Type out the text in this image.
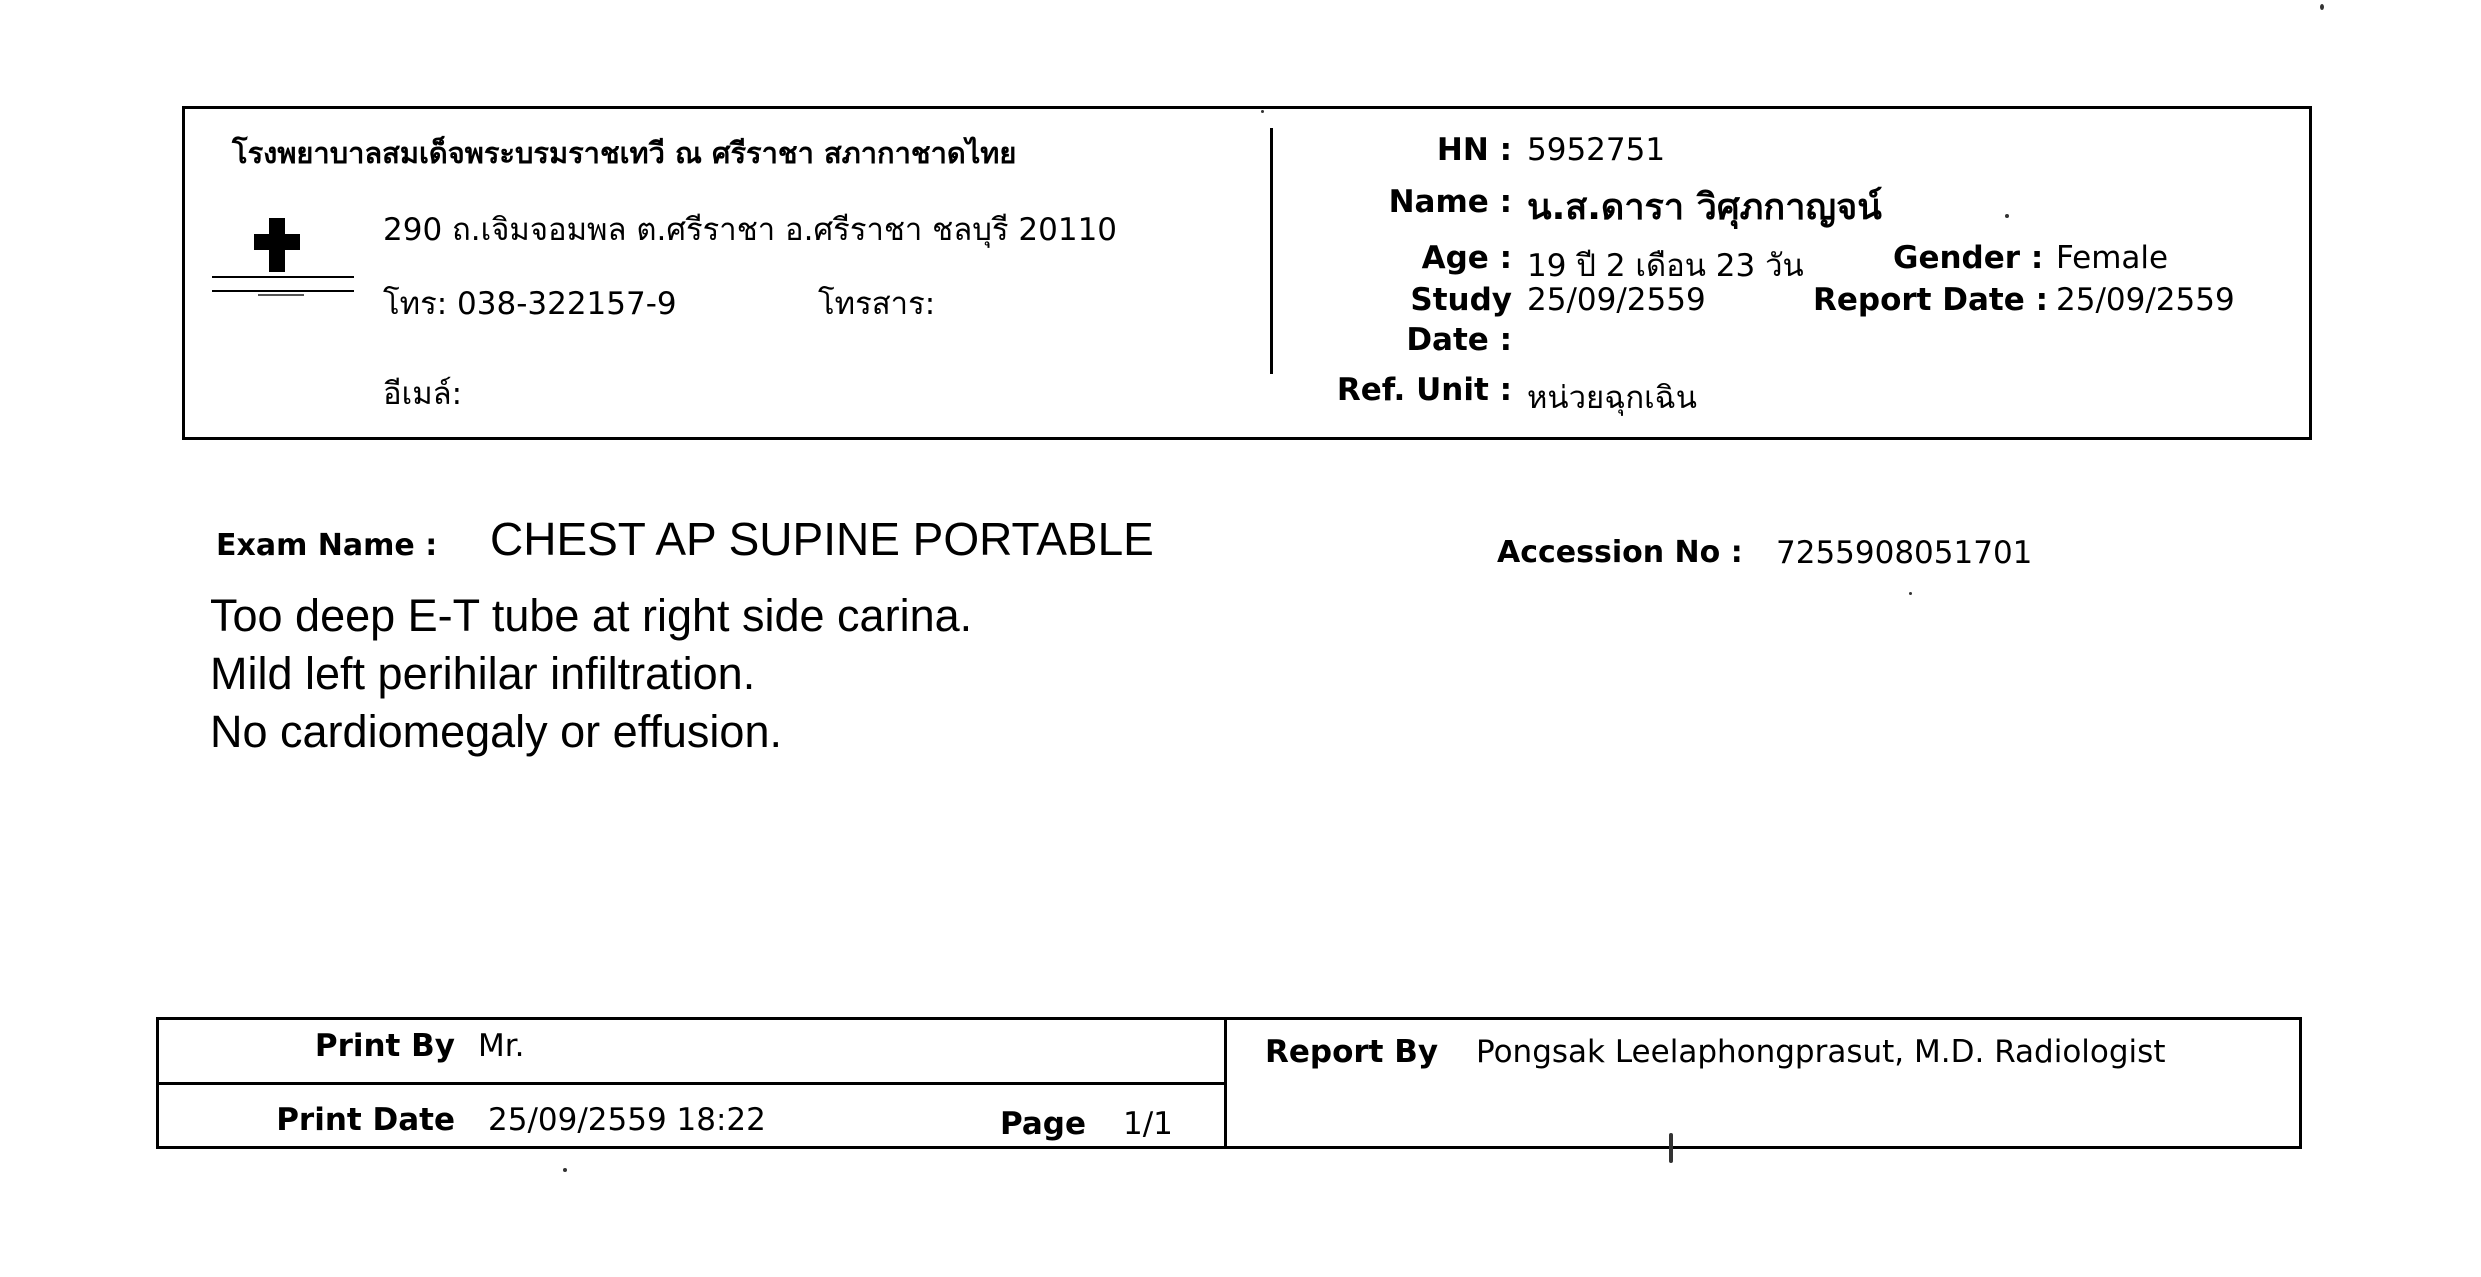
โรงพยาบาลสมเด็จพระบรมราชเทวี ณ ศรีราชา สภากาชาดไทย
290 ถ.เจิมจอมพล ต.ศรีราชา อ.ศรีราชา ชลบุรี 20110
โทร: 038-322157-9	โทรสาร:
อีเมล์:
HN : 5952751
Name : น.ส.ดารา วิศุภกาญจน์
Age : 19 ปี 2 เดือน 23 วัน	Gender : Female
Study
Date :
25/09/2559	Report Date : 25/09/2559
Ref. Unit : หน่วยฉุกเฉิน
Exam Name : CHEST AP SUPINE PORTABLE	Accession No : 7255908051701
Too deep E-T tube at right side carina.
Mild left perihilar infiltration.
No cardiomegaly or effusion.
Print By Mr.
Print Date 25/09/2559 18:22	Page 1/1
Report By Pongsak Leelaphongprasut, M.D. Radiologist
